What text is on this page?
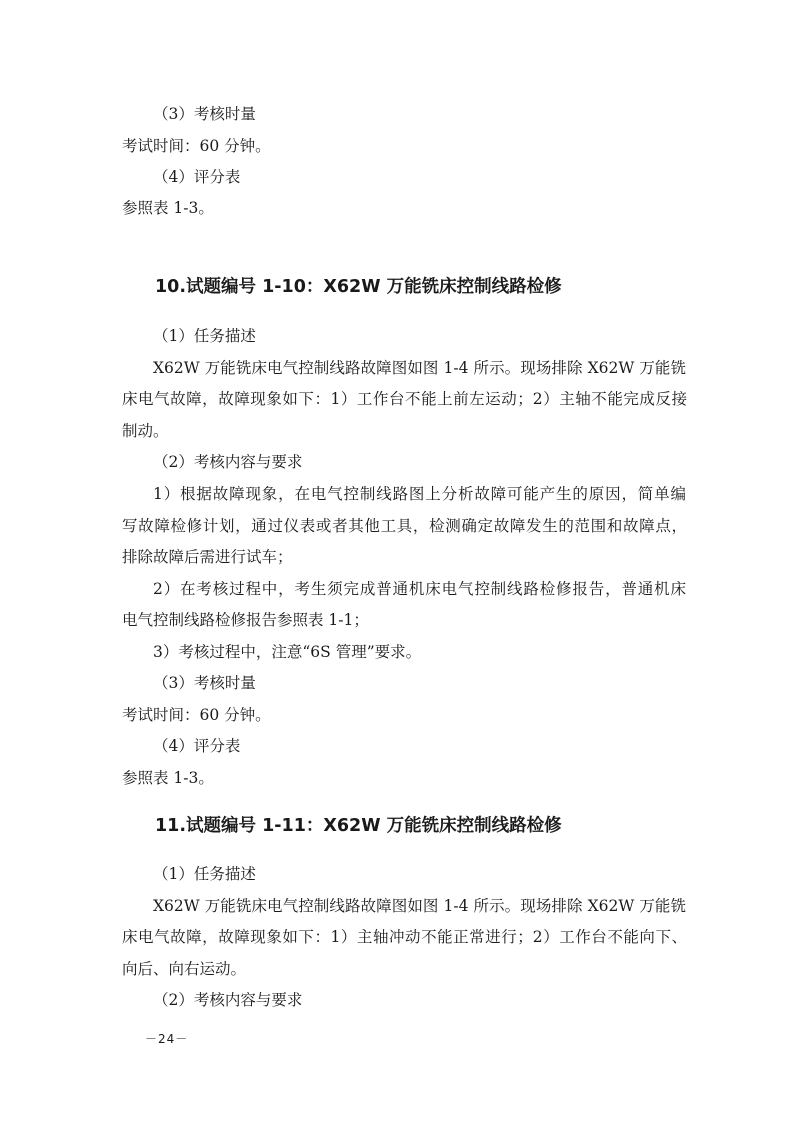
（3）考核时量
考试时间：60 分钟。
（4）评分表
参照表 1-3。
10.试题编号 1-10：X62W 万能铣床控制线路检修
（1）任务描述
X62W 万能铣床电气控制线路故障图如图 1-4 所示。现场排除 X62W 万能铣
床电气故障，故障现象如下：1）工作台不能上前左运动；2）主轴不能完成反接
制动。
（2）考核内容与要求
1）根据故障现象，在电气控制线路图上分析故障可能产生的原因，简单编
写故障检修计划，通过仪表或者其他工具，检测确定故障发生的范围和故障点，
排除故障后需进行试车；
2）在考核过程中，考生须完成普通机床电气控制线路检修报告，普通机床
电气控制线路检修报告参照表 1-1；
3）考核过程中，注意“6S 管理”要求。
（3）考核时量
考试时间：60 分钟。
（4）评分表
参照表 1-3。
11.试题编号 1-11：X62W 万能铣床控制线路检修
（1）任务描述
X62W 万能铣床电气控制线路故障图如图 1-4 所示。现场排除 X62W 万能铣
床电气故障，故障现象如下：1）主轴冲动不能正常进行；2）工作台不能向下、
向后、向右运动。
（2）考核内容与要求
－24－
